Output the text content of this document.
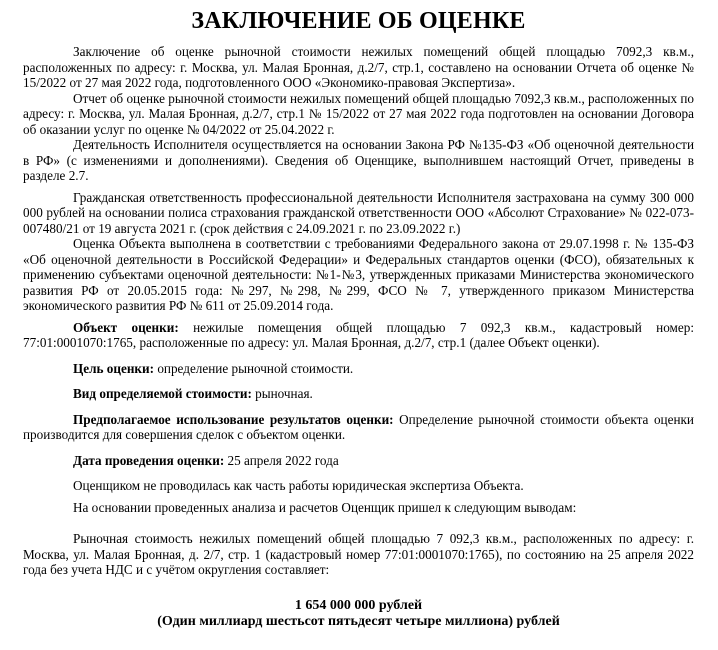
ЗАКЛЮЧЕНИЕ ОБ ОЦЕНКЕ

Заключение об оценке рыночной стоимости нежилых помещений общей площадью 7092,3 кв.м., расположенных по адресу: г. Москва, ул. Малая Бронная, д.2/7, стр.1, составлено на основании Отчета об оценке № 15/2022 от 27 мая 2022 года, подготовленного ООО «Экономико-правовая Экспертиза».

Отчет об оценке рыночной стоимости нежилых помещений общей площадью 7092,3 кв.м., расположенных по адресу: г. Москва, ул. Малая Бронная, д.2/7, стр.1 № 15/2022 от 27 мая 2022 года подготовлен на основании Договора об оказании услуг по оценке № 04/2022 от 25.04.2022 г.

Деятельность Исполнителя осуществляется на основании Закона РФ №135-ФЗ «Об оценочной деятельности в РФ» (с изменениями и дополнениями). Сведения об Оценщике, выполнившем настоящий Отчет, приведены в разделе 2.7.

Гражданская ответственность профессиональной деятельности Исполнителя застрахована на сумму 300 000 000 рублей на основании полиса страхования гражданской ответственности ООО «Абсолют Страхование» № 022-073-007480/21 от 19 августа 2021 г. (срок действия с 24.09.2021 г. по 23.09.2022 г.)

Оценка Объекта выполнена в соответствии с требованиями Федерального закона от 29.07.1998 г. № 135-ФЗ «Об оценочной деятельности в Российской Федерации» и Федеральных стандартов оценки (ФСО), обязательных к применению субъектами оценочной деятельности: №1-№3, утвержденных приказами Министерства экономического развития РФ от 20.05.2015 года: №297, №298, №299, ФСО № 7, утвержденного приказом Министерства экономического развития РФ № 611 от 25.09.2014 года.

Объект оценки: нежилые помещения общей площадью 7 092,3 кв.м., кадастровый номер: 77:01:0001070:1765, расположенные по адресу: ул. Малая Бронная, д.2/7, стр.1 (далее Объект оценки).

Цель оценки: определение рыночной стоимости.

Вид определяемой стоимости: рыночная.

Предполагаемое использование результатов оценки: Определение рыночной стоимости объекта оценки производится для совершения сделок с объектом оценки.

Дата проведения оценки: 25 апреля 2022 года

Оценщиком не проводилась как часть работы юридическая экспертиза Объекта.

На основании проведенных анализа и расчетов Оценщик пришел к следующим выводам:

Рыночная стоимость нежилых помещений общей площадью 7 092,3 кв.м., расположенных по адресу: г. Москва, ул. Малая Бронная, д. 2/7, стр. 1 (кадастровый номер 77:01:0001070:1765), по состоянию на 25 апреля 2022 года без учета НДС и с учётом округления составляет:

1 654 000 000 рублей
(Один миллиард шестьсот пятьдесят четыре миллиона) рублей
